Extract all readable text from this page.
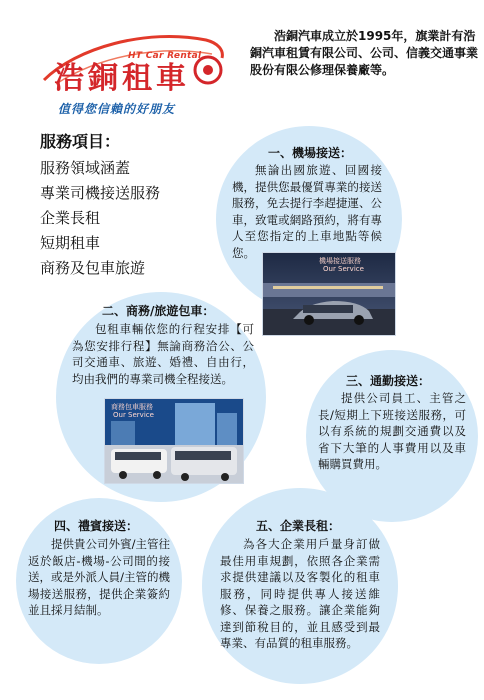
HT Car Rental
浩銅租車
值得您信賴的好朋友

浩銅汽車成立於1995年，旗業計有浩銅汽車租賃有限公司、公司、信義交通事業股份有限公修理保養廠等。

服務項目：
服務領域涵蓋
專業司機接送服務
企業長租
短期租車
商務及包車旅遊	機場接送服務
Our Service
商務包車服務
Our Service
一、機場接送：

無論出國旅遊、回國接機，提供您最優質專業的接送服務，免去提行李趕捷運、公車，致電或網路預約，將有專人至您指定的上車地點等候您。

二、商務/旅遊包車：

包租車輛依您的行程安排【可為您安排行程】無論商務洽公、公司交通車、旅遊、婚禮、自由行，均由我們的專業司機全程接送。	三、通勤接送：

提供公司員工、主管之長/短期上下班接送服務，可以有系統的規劃交通費以及省下大筆的人事費用以及車輛購買費用。

四、禮賓接送：

提供貴公司外賓/主管往返於飯店-機場-公司間的接送，或是外派人員/主管的機場接送服務，提供企業簽約並且採月結制。

五、企業長租：

為各大企業用戶量身訂做最佳用車規劃，依照各企業需求提供建議以及客製化的租車服務，同時提供專人接送維修、保養之服務。讓企業能夠達到節稅目的，並且感受到最專業、有品質的租車服務。
